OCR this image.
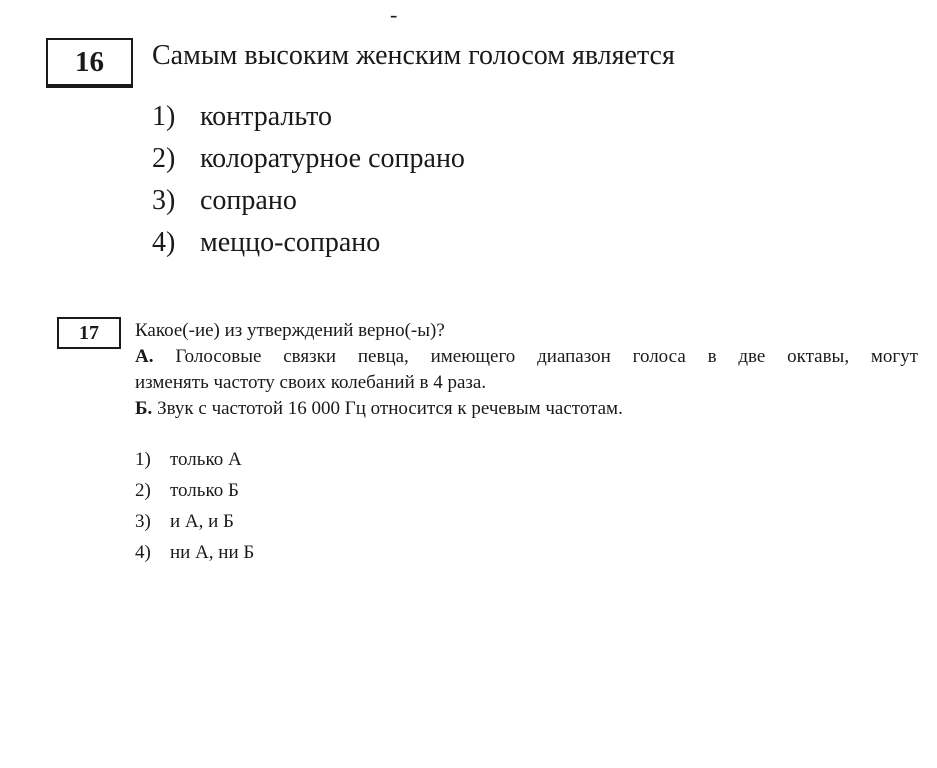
-
16	Самым высоким женским голосом является
1) контральто
2) колоратурное сопрано
3) сопрано
4) меццо-сопрано
17	Какое(-ие) из утверждений верно(-ы)?

А. Голосовые связки певца, имеющего диапазон голоса в две октавы, могут

изменять частоту своих колебаний в 4 раза.

Б. Звук с частотой 16 000 Гц относится к речевым частотам.

1) только А
2) только Б
3) и А, и Б
4) ни А, ни Б
